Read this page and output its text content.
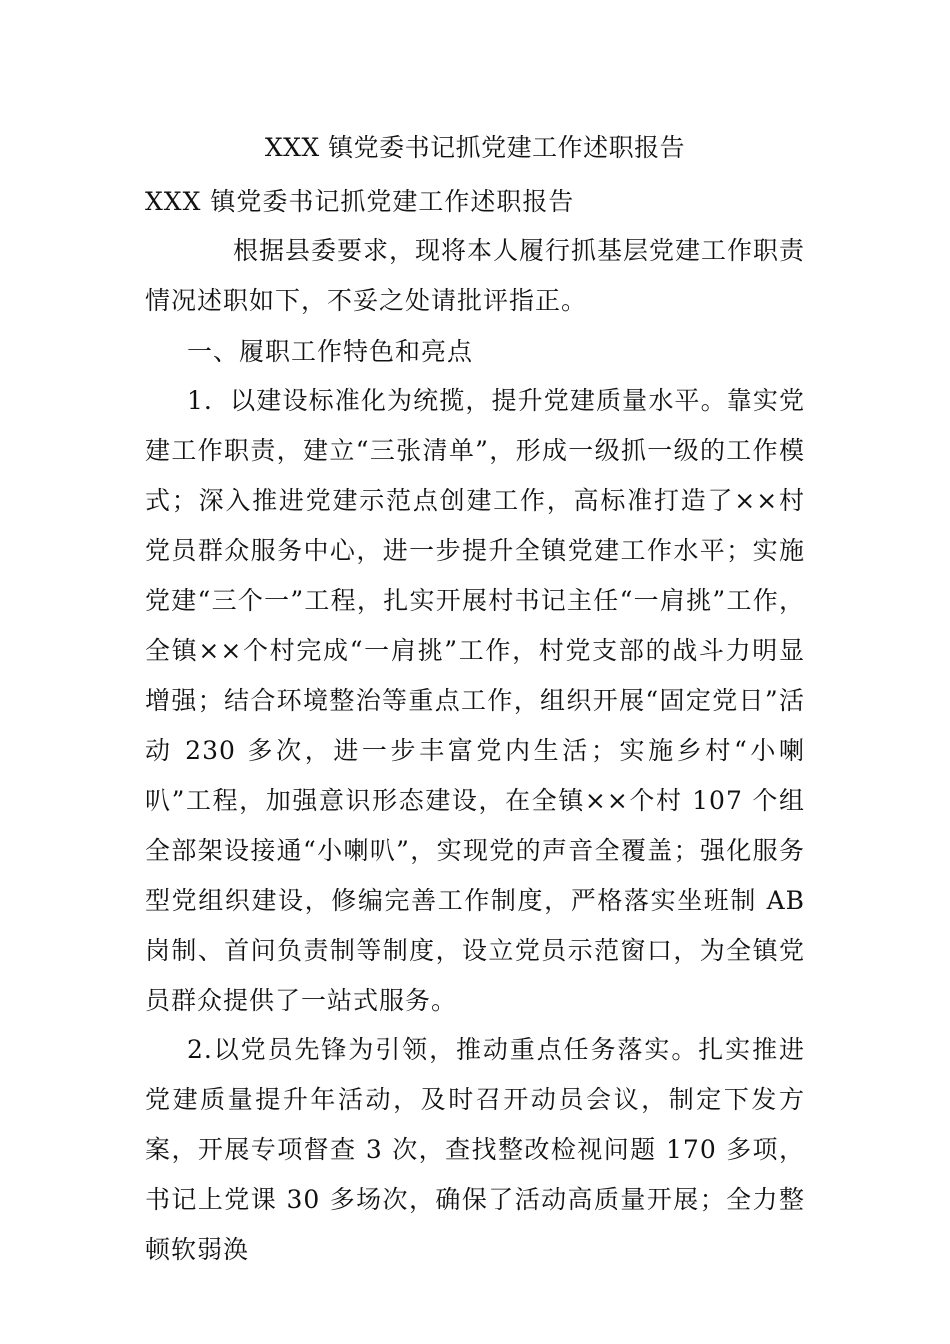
XXX 镇党委书记抓党建工作述职报告

XXX 镇党委书记抓党建工作述职报告

根据县委要求，现将本人履行抓基层党建工作职责情况述职如下，不妥之处请批评指正。

一、履职工作特色和亮点

1．以建设标准化为统揽，提升党建质量水平。靠实党建工作职责，建立“三张清单”，形成一级抓一级的工作模式；深入推进党建示范点创建工作，高标准打造了××村党员群众服务中心，进一步提升全镇党建工作水平；实施党建“三个一”工程，扎实开展村书记主任“一肩挑”工作，全镇××个村完成“一肩挑”工作，村党支部的战斗力明显增强；结合环境整治等重点工作，组织开展“固定党日”活动 230 多次，进一步丰富党内生活；实施乡村“小喇叭”工程，加强意识形态建设，在全镇××个村 107 个组全部架设接通“小喇叭”，实现党的声音全覆盖；强化服务型党组织建设，修编完善工作制度，严格落实坐班制 AB 岗制、首问负责制等制度，设立党员示范窗口，为全镇党员群众提供了一站式服务。

2.以党员先锋为引领，推动重点任务落实。扎实推进党建质量提升年活动，及时召开动员会议，制定下发方案，开展专项督查 3 次，查找整改检视问题 170 多项，书记上党课 30 多场次，确保了活动高质量开展；全力整顿软弱涣
